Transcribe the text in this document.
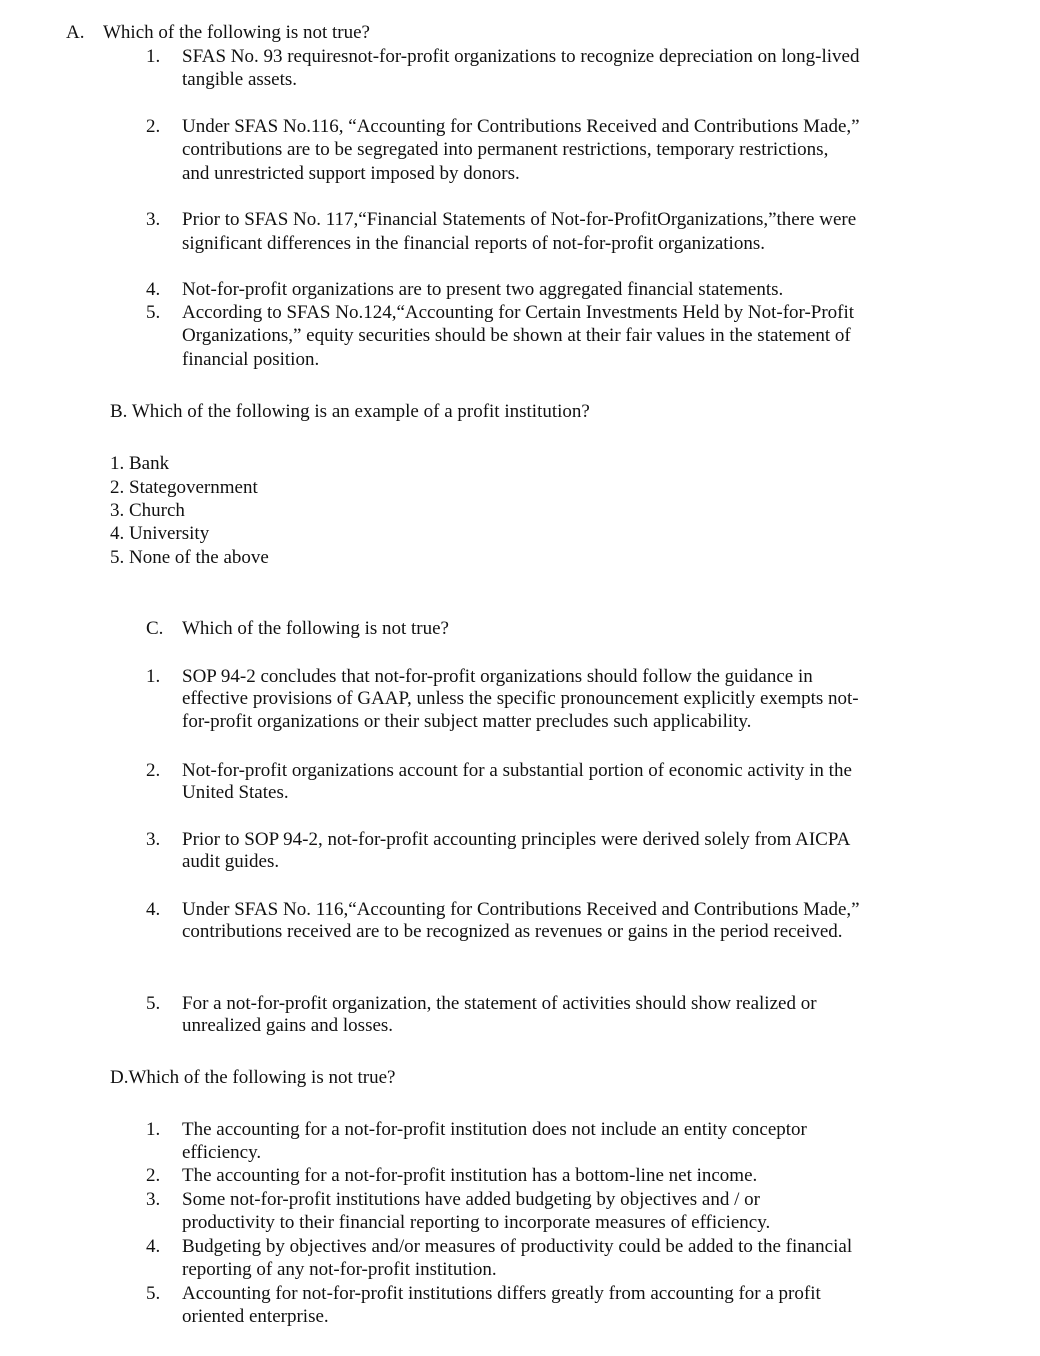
A. Which of the following is not true?
1. SFAS No. 93 requiresnot-for-profit organizations to recognize depreciation on long-lived
tangible assets.
2. Under SFAS No.116, “Accounting for Contributions Received and Contributions Made,”
contributions are to be segregated into permanent restrictions, temporary restrictions,
and unrestricted support imposed by donors.
3. Prior to SFAS No. 117,“Financial Statements of Not-for-ProfitOrganizations,”there were
significant differences in the financial reports of not-for-profit organizations.
4. Not-for-profit organizations are to present two aggregated financial statements.
5. According to SFAS No.124,“Accounting for Certain Investments Held by Not-for-Profit
Organizations,” equity securities should be shown at their fair values in the statement of
financial position.
B. Which of the following is an example of a profit institution?
1. Bank
2. Stategovernment
3. Church
4. University
5. None of the above
C. Which of the following is not true?
1. SOP 94-2 concludes that not-for-profit organizations should follow the guidance in
effective provisions of GAAP, unless the specific pronouncement explicitly exempts not-
for-profit organizations or their subject matter precludes such applicability.
2. Not-for-profit organizations account for a substantial portion of economic activity in the
United States.
3. Prior to SOP 94-2, not-for-profit accounting principles were derived solely from AICPA
audit guides.
4. Under SFAS No. 116,“Accounting for Contributions Received and Contributions Made,”
contributions received are to be recognized as revenues or gains in the period received.
5. For a not-for-profit organization, the statement of activities should show realized or
unrealized gains and losses.
D.Which of the following is not true?
1. The accounting for a not-for-profit institution does not include an entity conceptor
efficiency.
2. The accounting for a not-for-profit institution has a bottom-line net income.
3. Some not-for-profit institutions have added budgeting by objectives and / or
productivity to their financial reporting to incorporate measures of efficiency.
4. Budgeting by objectives and/or measures of productivity could be added to the financial
reporting of any not-for-profit institution.
5. Accounting for not-for-profit institutions differs greatly from accounting for a profit
oriented enterprise.
